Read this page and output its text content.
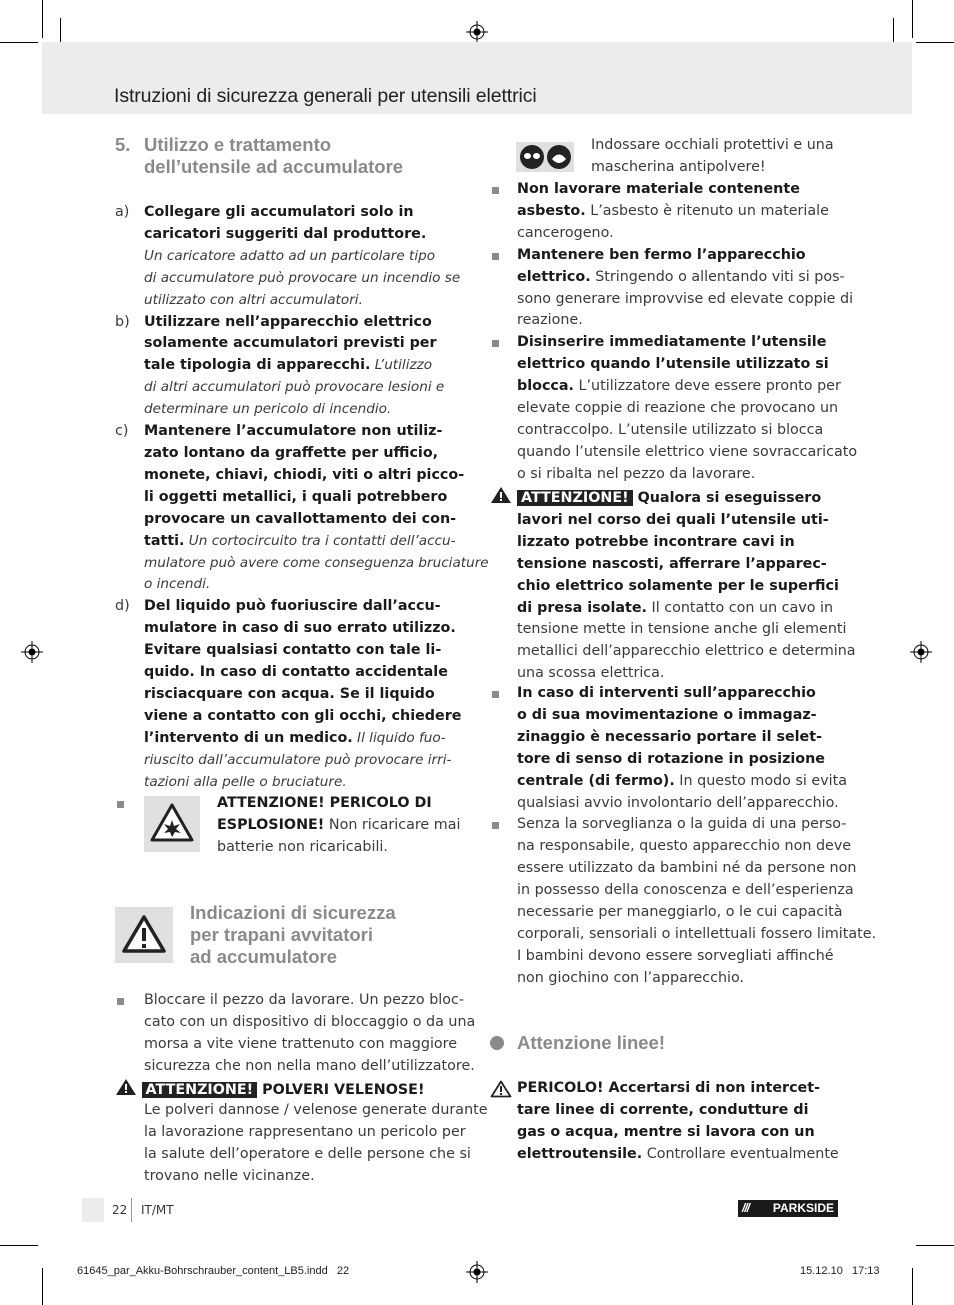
Istruzioni di sicurezza generali per utensili elettrici
5. Utilizzo e trattamento
dell’utensile ad accumulatore
a) Collegare gli accumulatori solo in
caricatori suggeriti dal produttore.
Un caricatore adatto ad un particolare tipo
di accumulatore può provocare un incendio se
utilizzato con altri accumulatori.
b) Utilizzare nell’apparecchio elettrico
solamente accumulatori previsti per
tale tipologia di apparecchi. L’utilizzo
di altri accumulatori può provocare lesioni e
determinare un pericolo di incendio.
c) Mantenere l’accumulatore non utiliz-
zato lontano da graffette per ufficio,
monete, chiavi, chiodi, viti o altri picco-
li oggetti metallici, i quali potrebbero
provocare un cavallottamento dei con-
tatti. Un cortocircuito tra i contatti dell’accu-
mulatore può avere come conseguenza bruciature
o incendi.
d) Del liquido può fuoriuscire dall’accu-
mulatore in caso di suo errato utilizzo.
Evitare qualsiasi contatto con tale li-
quido. In caso di contatto accidentale
risciacquare con acqua. Se il liquido
viene a contatto con gli occhi, chiedere
l’intervento di un medico. Il liquido fuo-
riuscito dall’accumulatore può provocare irri-
tazioni alla pelle o bruciature.
ATTENZIONE! PERICOLO DI
ESPLOSIONE! Non ricaricare mai
batterie non ricaricabili.
Indicazioni di sicurezza
per trapani avvitatori
ad accumulatore
Bloccare il pezzo da lavorare. Un pezzo bloc-
cato con un dispositivo di bloccaggio o da una
morsa a vite viene trattenuto con maggiore
sicurezza che non nella mano dell’utilizzatore.
ATTENZIONE! POLVERI VELENOSE!
Le polveri dannose / velenose generate durante
la lavorazione rappresentano un pericolo per
la salute dell’operatore e delle persone che si
trovano nelle vicinanze.
Indossare occhiali protettivi e una
mascherina antipolvere!
Non lavorare materiale contenente
asbesto. L’asbesto è ritenuto un materiale
cancerogeno.
Mantenere ben fermo l’apparecchio
elettrico. Stringendo o allentando viti si pos-
sono generare improvvise ed elevate coppie di
reazione.
Disinserire immediatamente l’utensile
elettrico quando l’utensile utilizzato si
blocca. L’utilizzatore deve essere pronto per
elevate coppie di reazione che provocano un
contraccolpo. L’utensile utilizzato si blocca
quando l’utensile elettrico viene sovraccaricato
o si ribalta nel pezzo da lavorare.
ATTENZIONE! Qualora si eseguissero
lavori nel corso dei quali l’utensile uti-
lizzato potrebbe incontrare cavi in
tensione nascosti, afferrare l’apparec-
chio elettrico solamente per le superfici
di presa isolate. Il contatto con un cavo in
tensione mette in tensione anche gli elementi
metallici dell’apparecchio elettrico e determina
una scossa elettrica.
In caso di interventi sull’apparecchio
o di sua movimentazione o immagaz-
zinaggio è necessario portare il selet-
tore di senso di rotazione in posizione
centrale (di fermo). In questo modo si evita
qualsiasi avvio involontario dell’apparecchio.
Senza la sorveglianza o la guida di una perso-
na responsabile, questo apparecchio non deve
essere utilizzato da bambini né da persone non
in possesso della conoscenza e dell’esperienza
necessarie per maneggiarlo, o le cui capacità
corporali, sensoriali o intellettuali fossero limitate.
I bambini devono essere sorvegliati affinché
non giochino con l’apparecchio.
Attenzione linee!
PERICOLO! Accertarsi di non intercet-
tare linee di corrente, condutture di
gas o acqua, mentre si lavora con un
elettroutensile. Controllare eventualmente
22 IT/MT	/// PARKSIDE
61645_par_Akku-Bohrschrauber_content_LB5.indd   22	15.12.10   17:13
